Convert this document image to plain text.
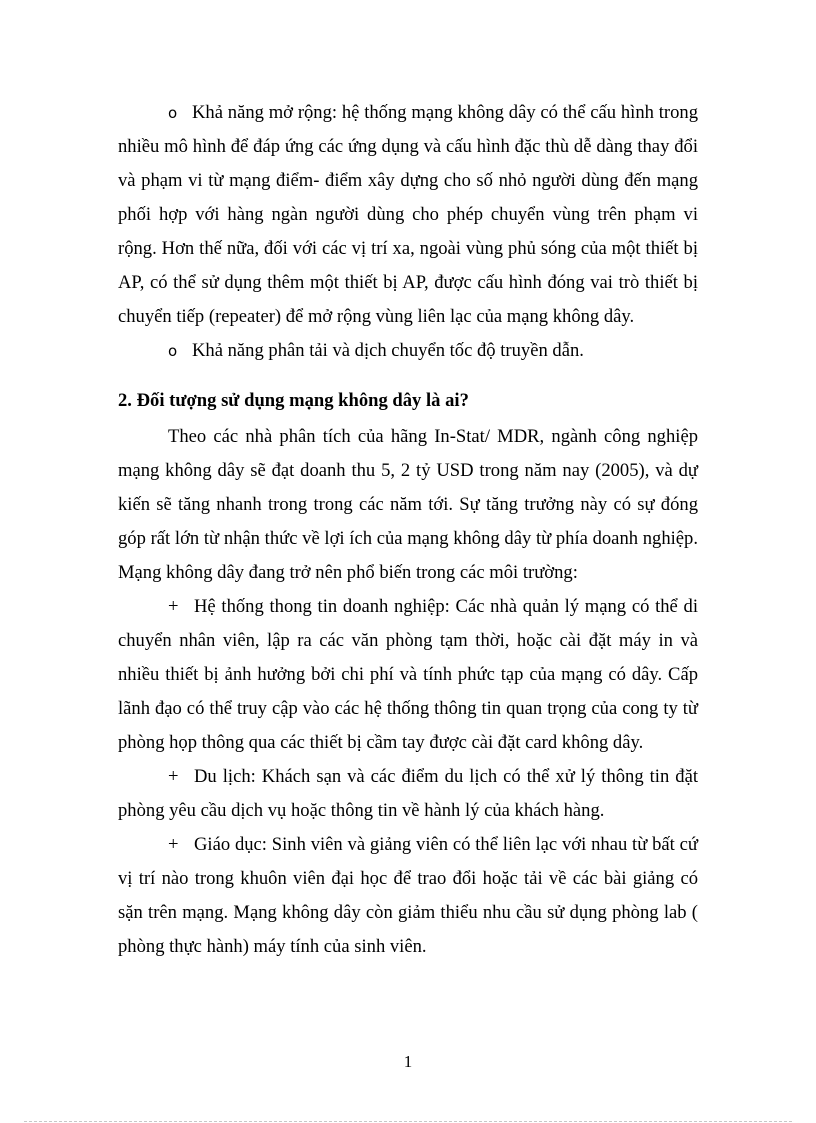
o Khả năng mở rộng: hệ thống mạng không dây có thể cấu hình trong nhiều mô hình để đáp ứng các ứng dụng và cấu hình đặc thù dễ dàng thay đổi và phạm vi từ mạng điểm- điểm xây dựng cho số nhỏ người dùng đến mạng phối hợp với hàng ngàn người dùng cho phép chuyển vùng trên phạm vi rộng. Hơn thế nữa, đối với các vị trí xa, ngoài vùng phủ sóng của một thiết bị AP, có thể sử dụng thêm một thiết bị AP, được cấu hình đóng vai trò thiết bị chuyển tiếp (repeater) để mở rộng vùng liên lạc của mạng không dây.

o Khả năng phân tải và dịch chuyển tốc độ truyền dẫn.

2. Đối tượng sử dụng mạng không dây là ai?

Theo các nhà phân tích của hãng In-Stat/ MDR, ngành công nghiệp mạng không dây sẽ đạt doanh thu 5, 2 tỷ USD trong năm nay (2005), và dự kiến sẽ tăng nhanh trong trong các năm tới. Sự tăng trưởng này có sự đóng góp rất lớn từ nhận thức về lợi ích của mạng không dây từ phía doanh nghiệp. Mạng không dây đang trở nên phổ biến trong các môi trường:

+ Hệ thống thong tin doanh nghiệp: Các nhà quản lý mạng có thể di chuyển nhân viên, lập ra các văn phòng tạm thời, hoặc cài đặt máy in và nhiều thiết bị ảnh hưởng bởi chi phí và tính phức tạp của mạng có dây. Cấp lãnh đạo có thể truy cập vào các hệ thống thông tin quan trọng của cong ty từ phòng họp thông qua các thiết bị cầm tay được cài đặt card không dây.

+ Du lịch: Khách sạn và các điểm du lịch có thể xử lý thông tin đặt phòng yêu cầu dịch vụ hoặc thông tin về hành lý của khách hàng.

+ Giáo dục: Sinh viên và giảng viên có thể liên lạc với nhau từ bất cứ vị trí nào trong khuôn viên đại học để trao đổi hoặc tải về các bài giảng có sặn trên mạng. Mạng không dây còn giảm thiểu nhu cầu sử dụng phòng lab ( phòng thực hành) máy tính của sinh viên.

1
